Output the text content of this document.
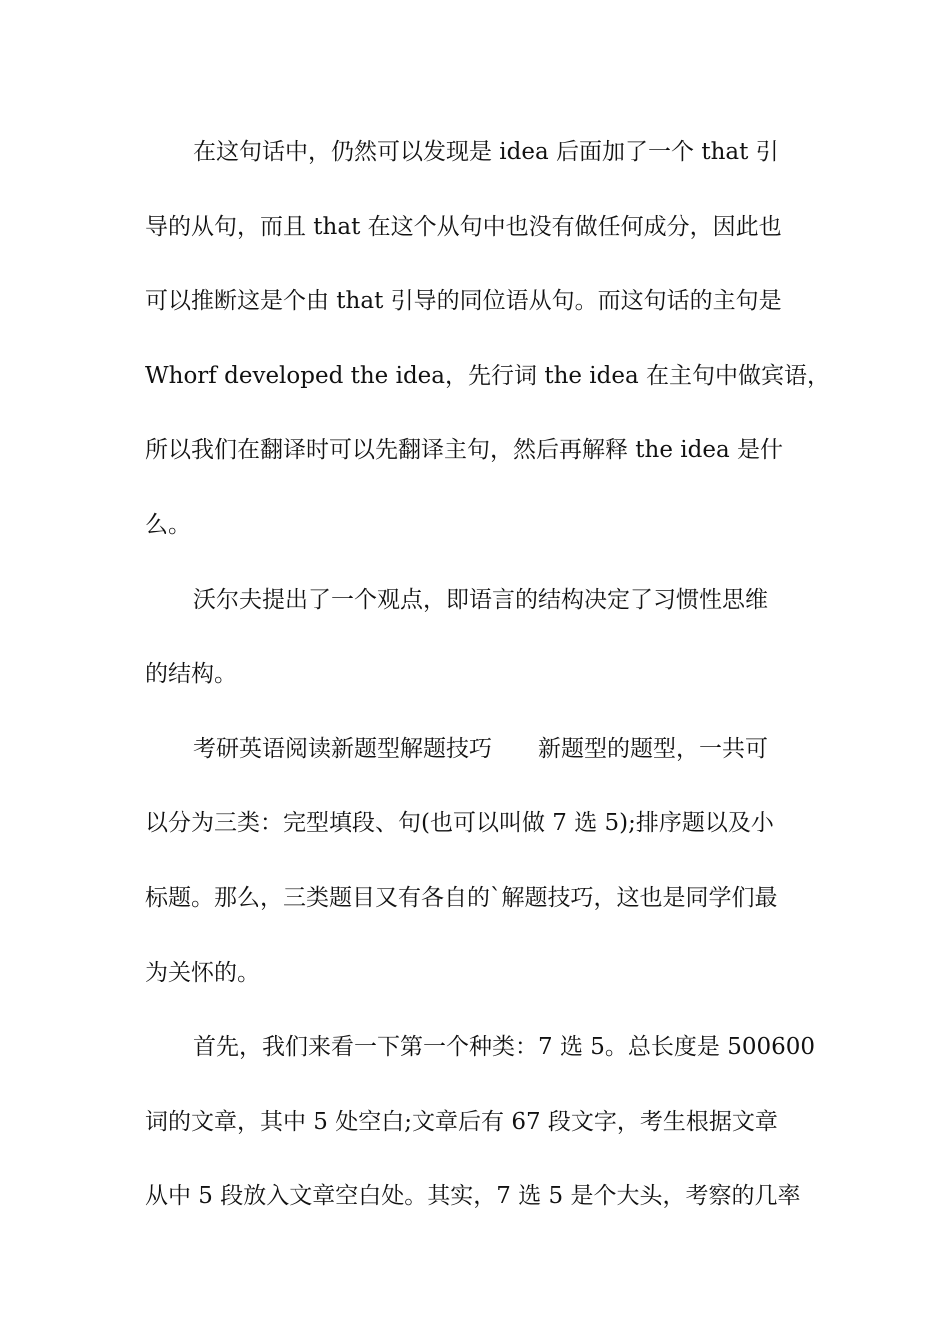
在这句话中，仍然可以发现是 idea 后面加了一个 that 引
导的从句，而且 that 在这个从句中也没有做任何成分，因此也
可以推断这是个由 that 引导的同位语从句。而这句话的主句是
Whorf developed the idea，先行词 the idea 在主句中做宾语，
所以我们在翻译时可以先翻译主句，然后再解释 the idea 是什
么。
沃尔夫提出了一个观点，即语言的结构决定了习惯性思维
的结构。
考研英语阅读新题型解题技巧　　新题型的题型，一共可
以分为三类：完型填段、句(也可以叫做 7 选 5);排序题以及小
标题。那么，三类题目又有各自的`解题技巧，这也是同学们最
为关怀的。
首先，我们来看一下第一个种类：7 选 5。总长度是 500600
词的文章，其中 5 处空白;文章后有 67 段文字，考生根据文章
从中 5 段放入文章空白处。其实，7 选 5 是个大头，考察的几率
